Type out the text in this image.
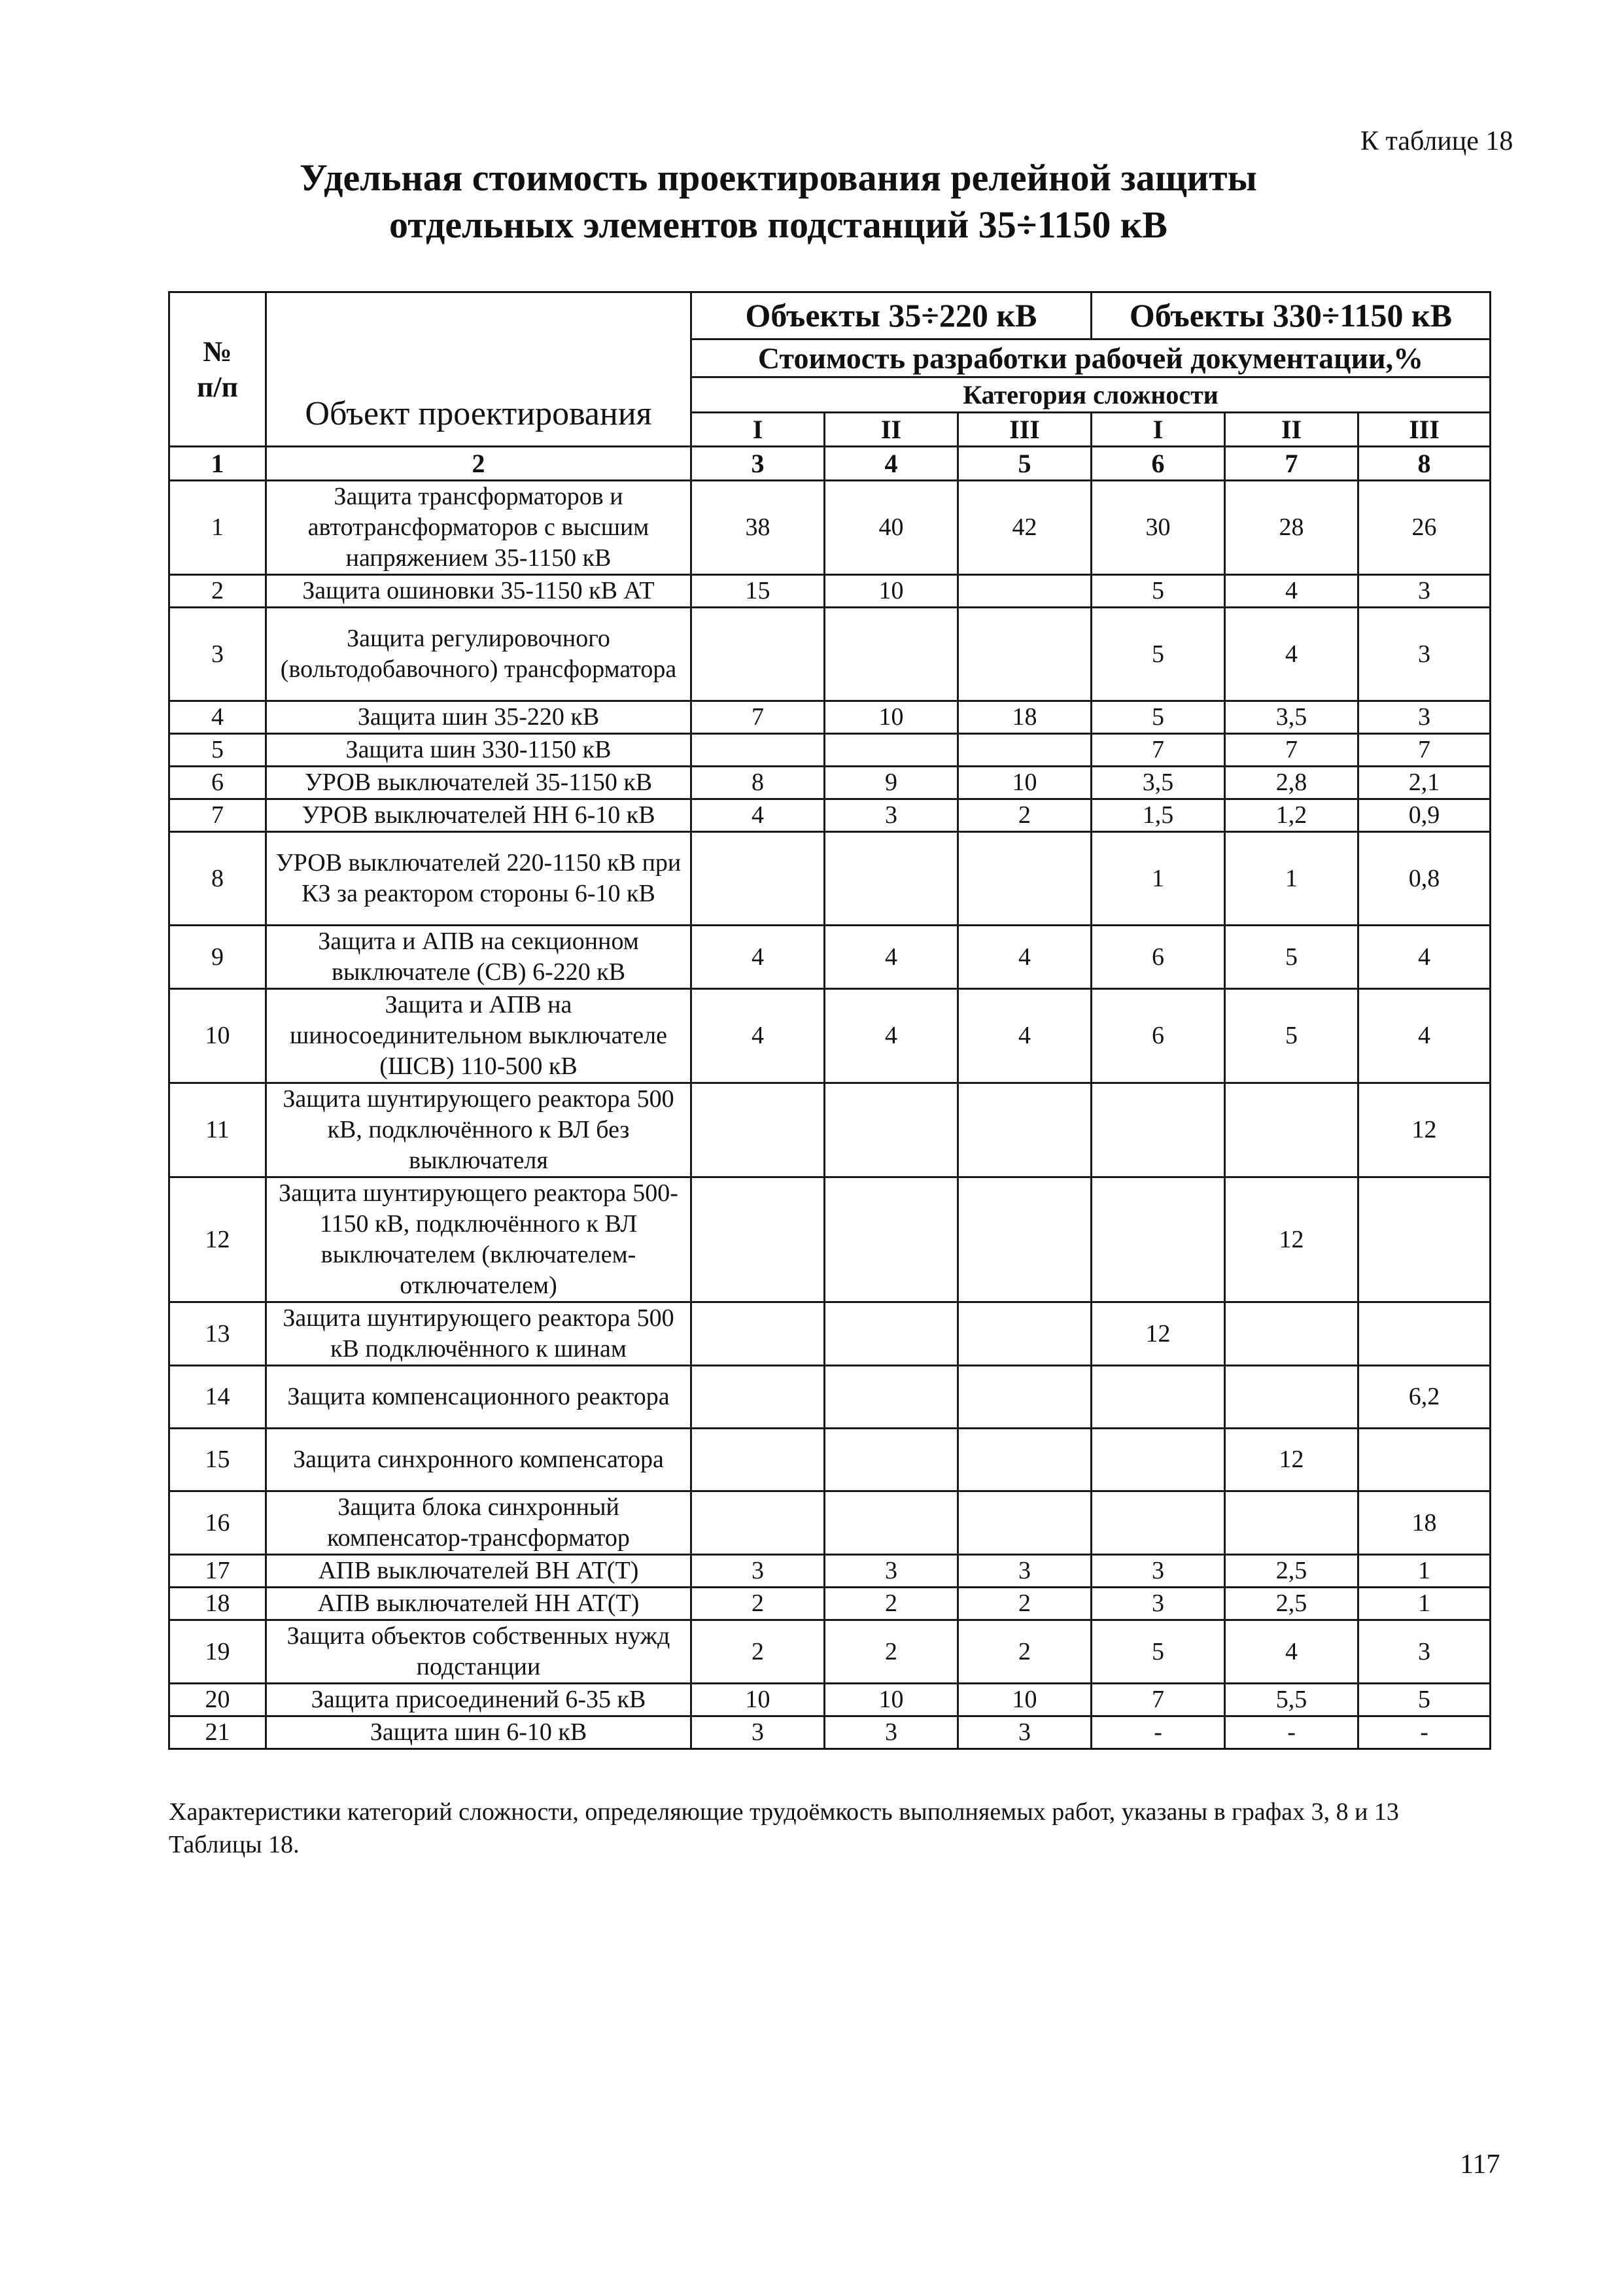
К таблице 18
Удельная стоимость проектирования релейной защиты
отдельных элементов подстанций 35÷1150 кВ
№
п/п	Объект проектирования	Объекты 35÷220 кВ			Объекты 330÷1150 кВ		
		Стоимость разработки рабочей документации,%					
		Категория сложности					
		I	II	III	I	II	III
1	2	3	4	5	6	7	8
1	Защита трансформаторов и автотрансформаторов с высшим напряжением 35-1150 кВ	38	40	42	30	28	26
2	Защита ошиновки 35-1150 кВ АТ	15	10		5	4	3
3	Защита регулировочного (вольтодобавочного) трансформатора				5	4	3
4	Защита шин 35-220 кВ	7	10	18	5	3,5	3
5	Защита шин 330-1150 кВ				7	7	7
6	УРОВ выключателей 35-1150 кВ	8	9	10	3,5	2,8	2,1
7	УРОВ выключателей НН 6-10 кВ	4	3	2	1,5	1,2	0,9
8	УРОВ выключателей 220-1150 кВ при КЗ за реактором стороны 6-10 кВ				1	1	0,8
9	Защита и АПВ на секционном выключателе (СВ) 6-220 кВ	4	4	4	6	5	4
10	Защита и АПВ на шиносоединительном выключателе (ШСВ) 110-500 кВ	4	4	4	6	5	4
11	Защита шунтирующего реактора 500 кВ, подключённого к ВЛ без выключателя						12
12	Защита шунтирующего реактора 500-1150 кВ, подключённого к ВЛ выключателем (включателем-отключателем)					12	
13	Защита шунтирующего реактора 500 кВ подключённого к шинам				12		
14	Защита компенсационного реактора						6,2
15	Защита синхронного компенсатора					12	
16	Защита блока синхронный компенсатор-трансформатор						18
17	АПВ выключателей ВН АТ(Т)	3	3	3	3	2,5	1
18	АПВ выключателей НН АТ(Т)	2	2	2	3	2,5	1
19	Защита объектов собственных нужд подстанции	2	2	2	5	4	3
20	Защита присоединений 6-35 кВ	10	10	10	7	5,5	5
21	Защита шин 6-10 кВ	3	3	3	-	-	-
Характеристики категорий сложности, определяющие трудоёмкость выполняемых работ, указаны в графах 3, 8 и 13 Таблицы 18.
117
